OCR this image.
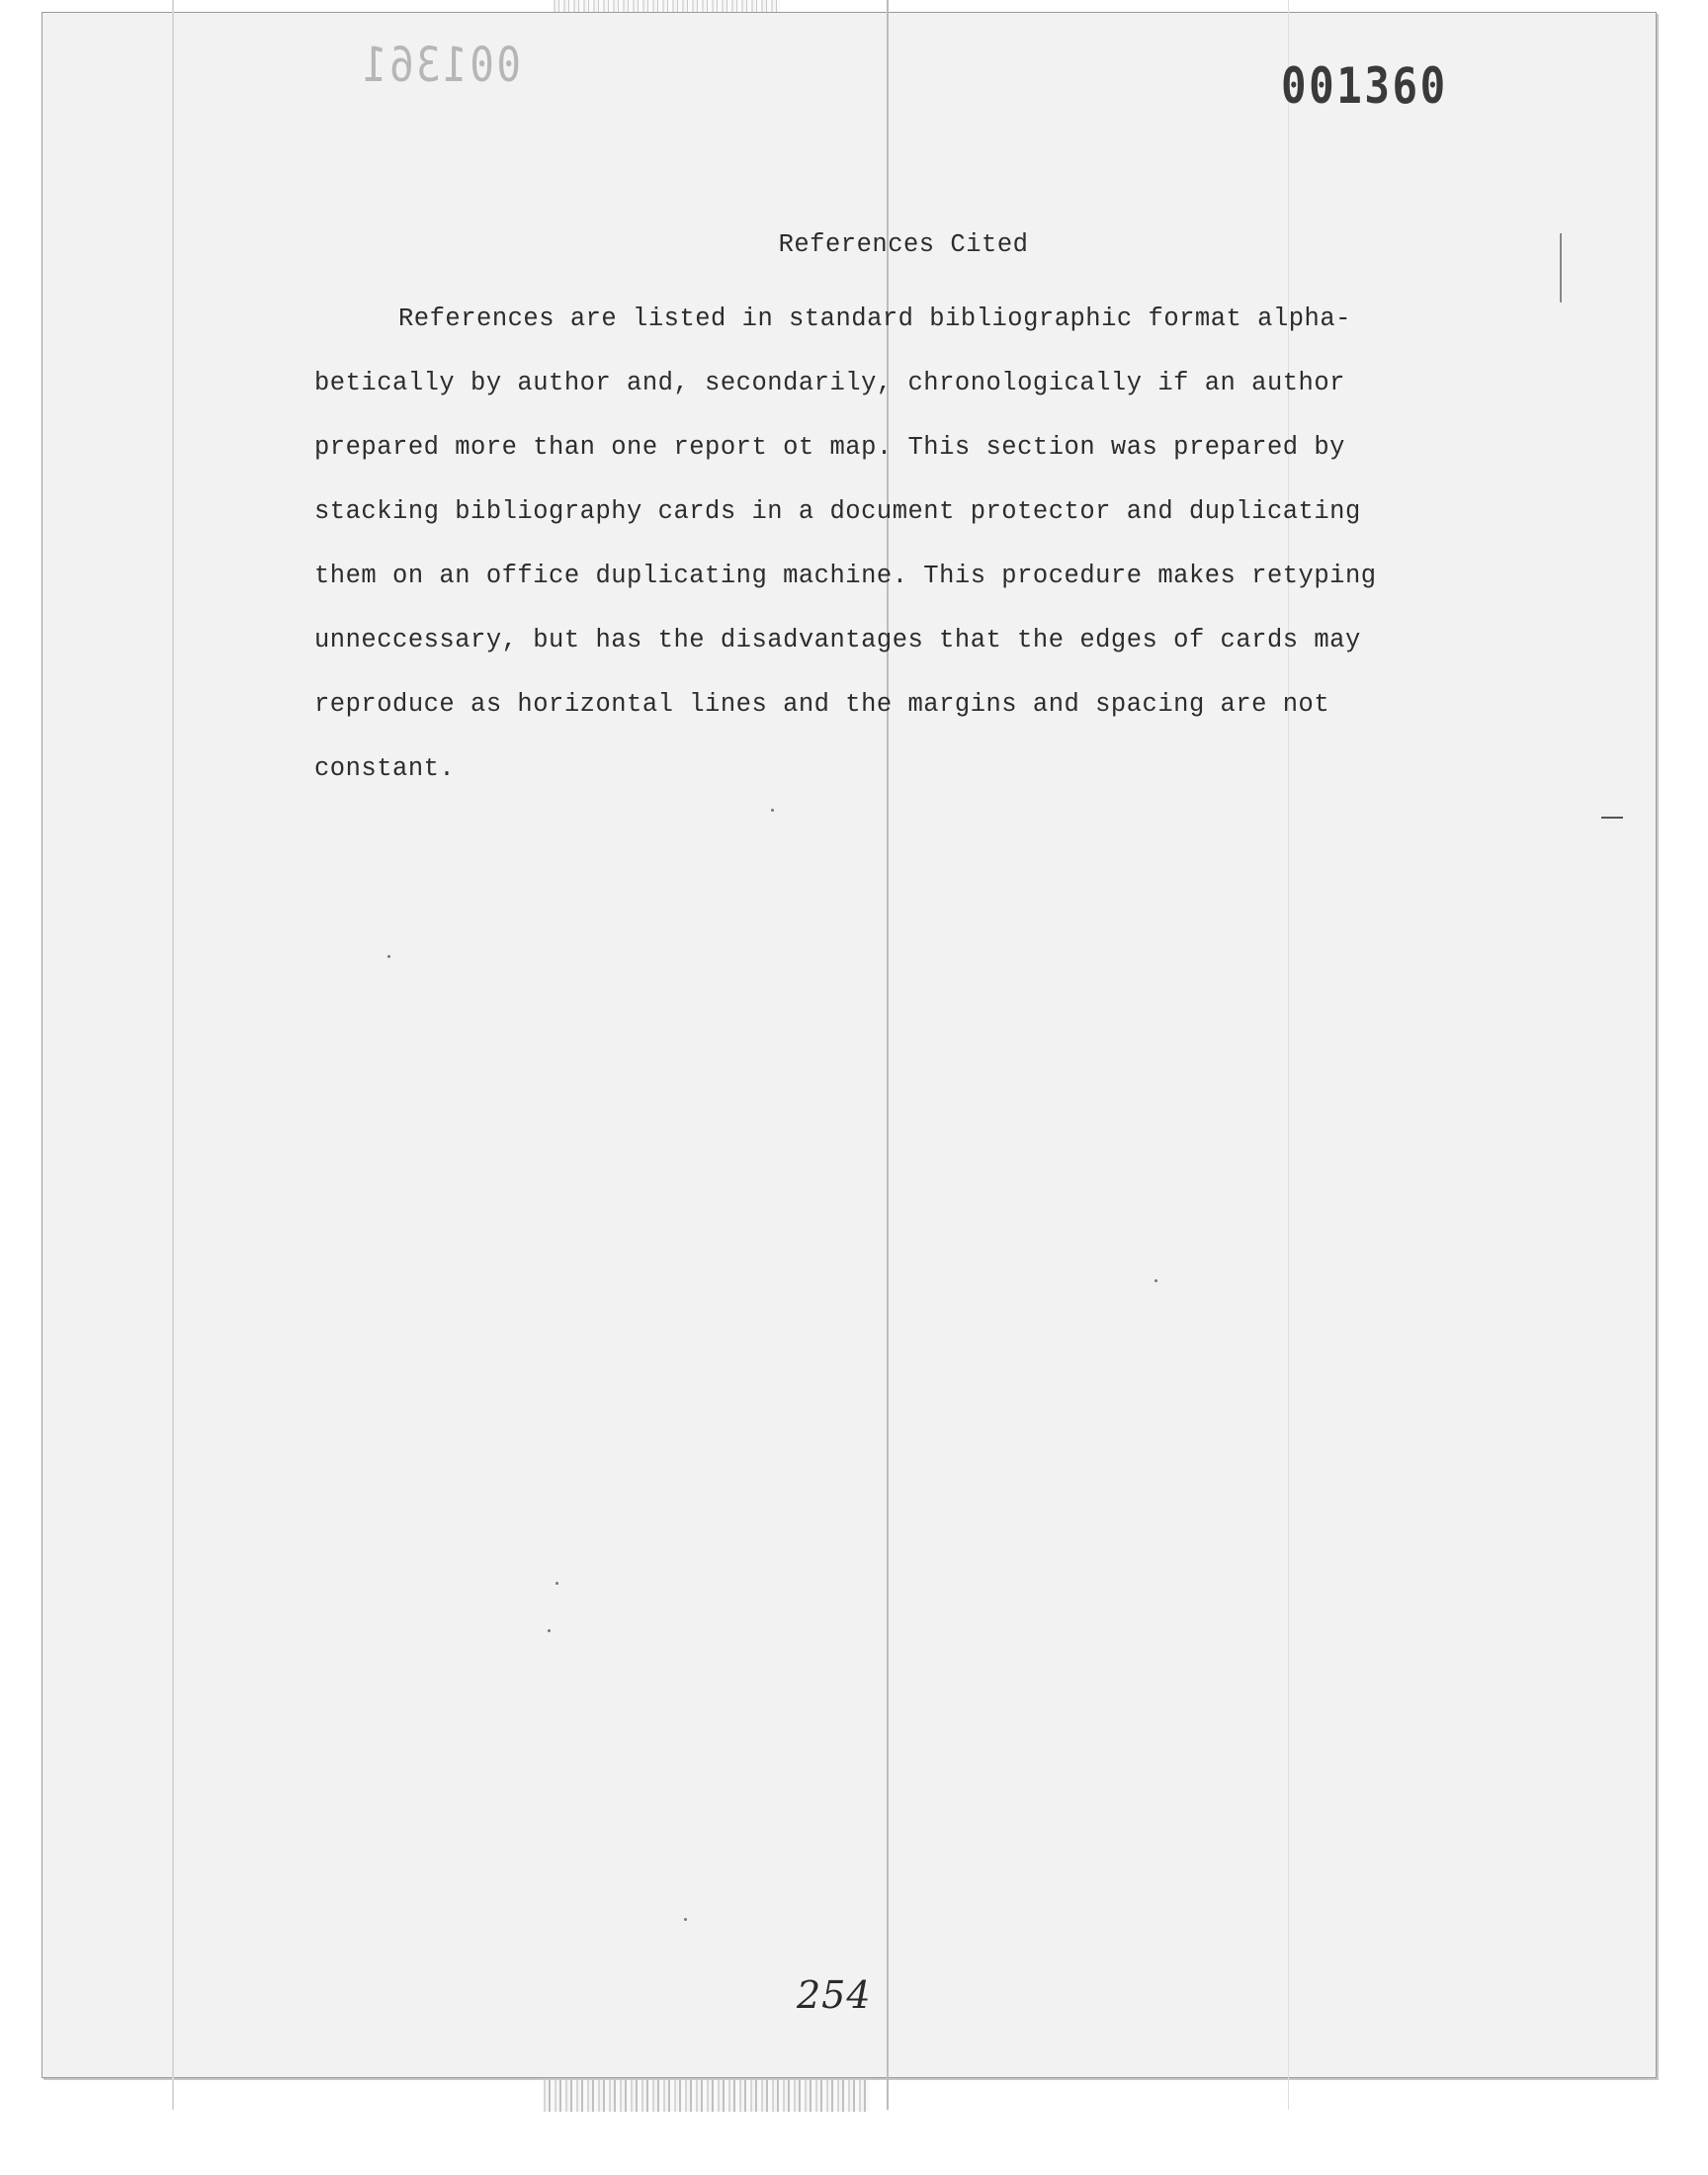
001361	001360
References Cited
References are listed in standard bibliographic format alpha-
betically by author and, secondarily, chronologically if an author
prepared more than one report ot map. This section was prepared by
stacking bibliography cards in a document protector and duplicating
them on an office duplicating machine. This procedure makes retyping
unneccessary, but has the disadvantages that the edges of cards may
reproduce as horizontal lines and the margins and spacing are not
constant.
254
